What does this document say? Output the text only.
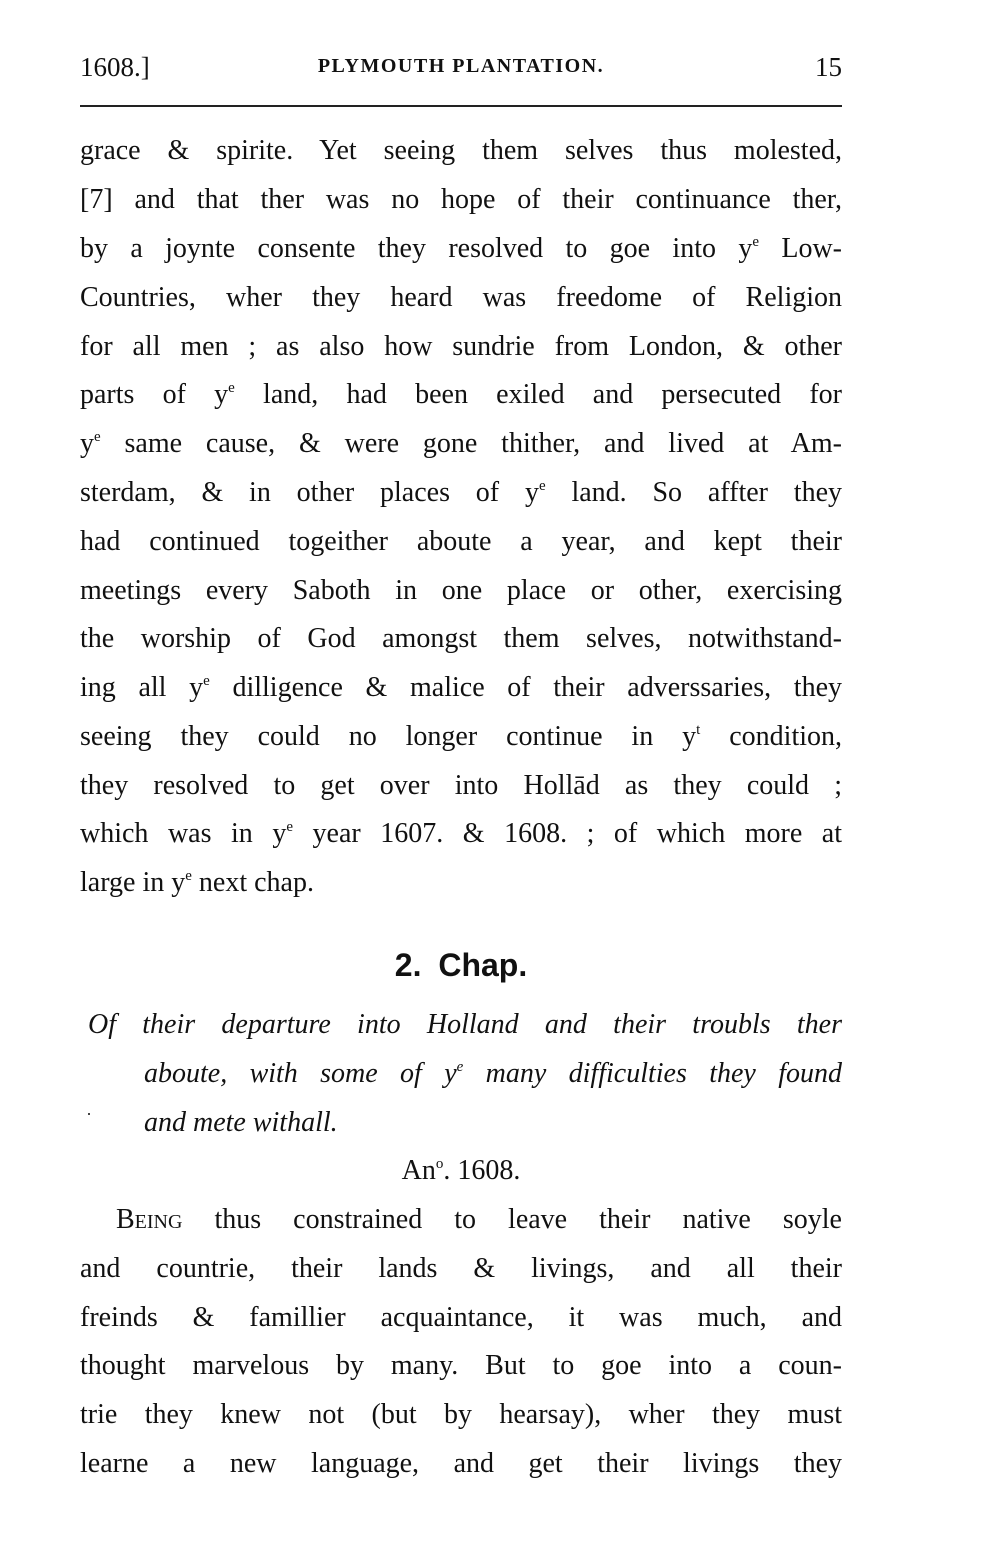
1608.]	PLYMOUTH PLANTATION.	15
grace & spirite. Yet seeing them selves thus molested,
[7] and that ther was no hope of their continuance ther,
by a joynte consente they resolved to goe into $y^e$ Low-
Countries, wher they heard was freedome of Religion
for all men ; as also how sundrie from London, & other
parts of $y^e$ land, had been exiled and persecuted for
$y^e$ same cause, & were gone thither, and lived at Am-
sterdam, & in other places of $y^e$ land. So affter they
had continued togeither aboute a year, and kept their
meetings every Saboth in one place or other, exercising
the worship of God amongst them selves, notwithstand-
ing all $y^e$ dilligence & malice of their adverssaries, they
seeing they could no longer continue in $y^t$ condition,
they resolved to get over into Hollād as they could ;
which was in $y^e$ year 1607. & 1608. ; of which more at
large in $y^e$ next chap.
2. Chap.
Of their departure into Holland and their troubls ther
aboute, with some of $y^e$ many difficulties they found
and mete withall.
An$^o$. 1608.
Being thus constrained to leave their native soyle
and countrie, their lands & livings, and all their
freinds & famillier acquaintance, it was much, and
thought marvelous by many. But to goe into a coun-
trie they knew not (but by hearsay), wher they must
learne a new language, and get their livings they
